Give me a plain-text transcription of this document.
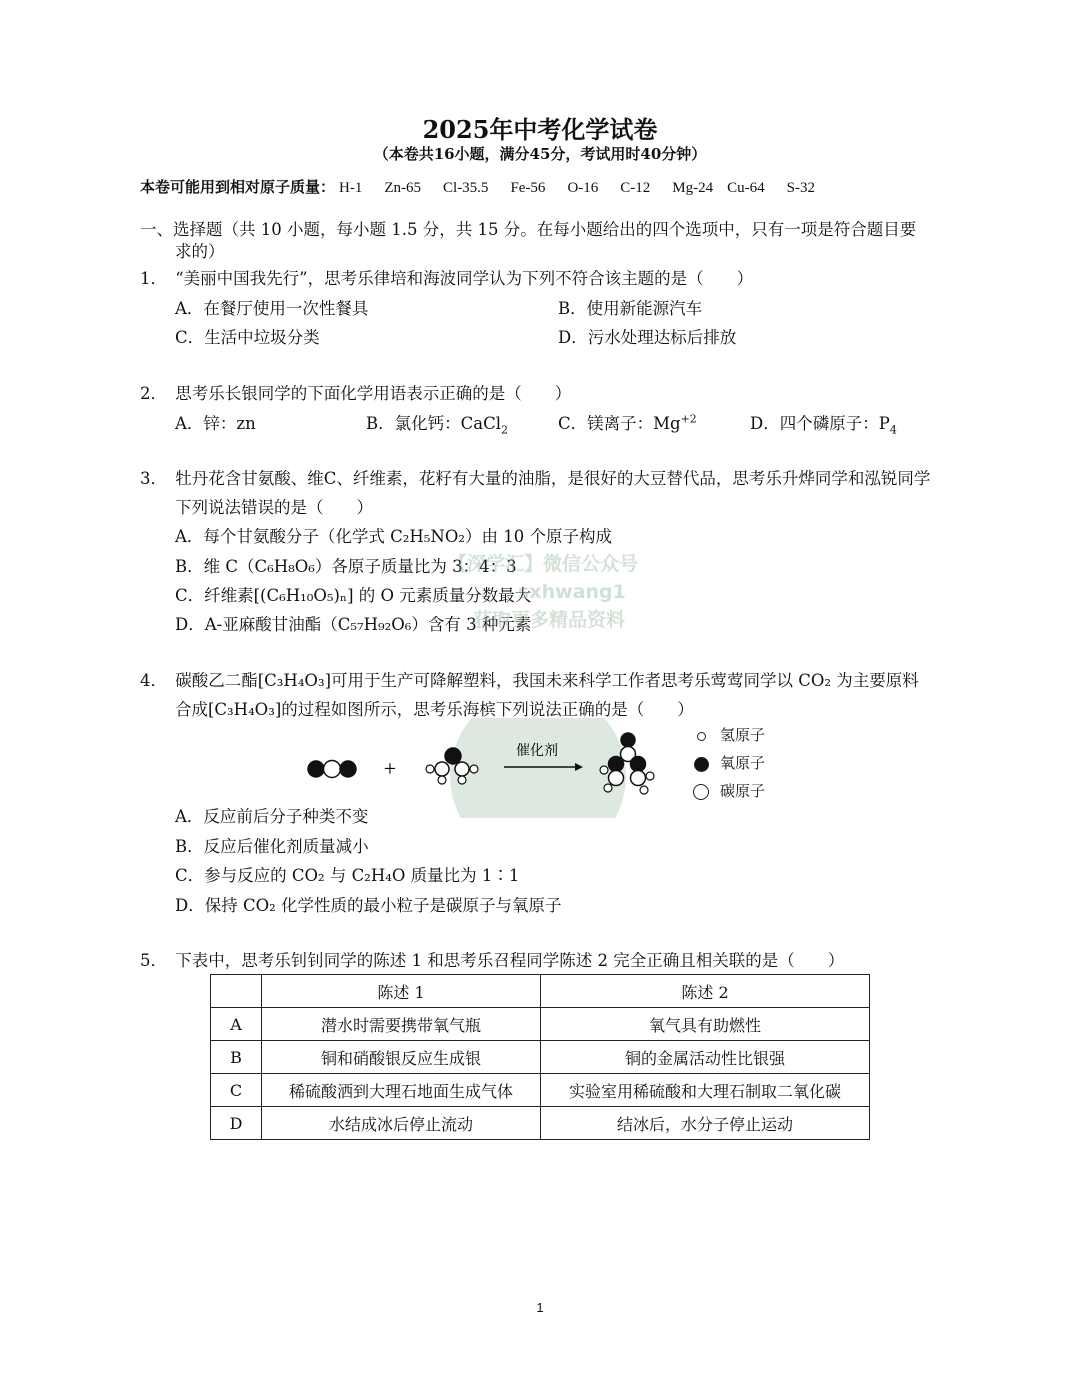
2025年中考化学试卷
（本卷共16小题，满分45分，考试用时40分钟）
本卷可能用到相对原子质量： H-1 Zn-65 Cl-35.5 Fe-56 O-16 C-12 Mg-24 Cu-64 S-32
一、选择题（共 10 小题，每小题 1.5 分，共 15 分。在每小题给出的四个选项中，只有一项是符合题目要
求的）
1．　“美丽中国我先行”，思考乐律培和海波同学认为下列不符合该主题的是（　　）
A．在餐厅使用一次性餐具	B．使用新能源汽车
C．生活中垃圾分类	D．污水处理达标后排放
2．　思考乐长银同学的下面化学用语表示正确的是（　　）
A．锌：zn	B．氯化钙：CaCl$_2$	C．镁离子：$Mg^{+2}$	D．四个磷原子：$P_4$
3．　牡丹花含甘氨酸、维C、纤维素，花籽有大量的油脂，是很好的大豆替代品，思考乐升烨同学和泓锐同学
下列说法错误的是（　　）
A．每个甘氨酸分子（化学式 C₂H₅NO₂）由 10 个原子构成
B．维 C（C₆H₈O₆）各原子质量比为 3：4：3
C．纤维素[(C₆H₁₀O₅)ₙ] 的 O 元素质量分数最大
D．A-亚麻酸甘油酯（C₅₇H₉₂O₆）含有 3 种元素
【深学汇】微信公众号
sxhwang1
获取更多精品资料
4．　碳酸乙二酯[C₃H₄O₃]可用于生产可降解塑料，我国未来科学工作者思考乐莺莺同学以 CO₂ 为主要原料
合成[C₃H₄O₃]的过程如图所示，思考乐海槟下列说法正确的是（　　）
+
催化剂
氢原子
氧原子
碳原子
A．反应前后分子种类不变
B．反应后催化剂质量减小
C．参与反应的 CO₂ 与 C₂H₄O 质量比为 1∶1
D．保持 CO₂ 化学性质的最小粒子是碳原子与氧原子
5．　下表中，思考乐钊钊同学的陈述 1 和思考乐召程同学陈述 2 完全正确且相关联的是（　　）
	陈述 1	陈述 2
A	潜水时需要携带氧气瓶	氧气具有助燃性
B	铜和硝酸银反应生成银	铜的金属活动性比银强
C	稀硫酸洒到大理石地面生成气体	实验室用稀硫酸和大理石制取二氧化碳
D	水结成冰后停止流动	结冰后，水分子停止运动
1
